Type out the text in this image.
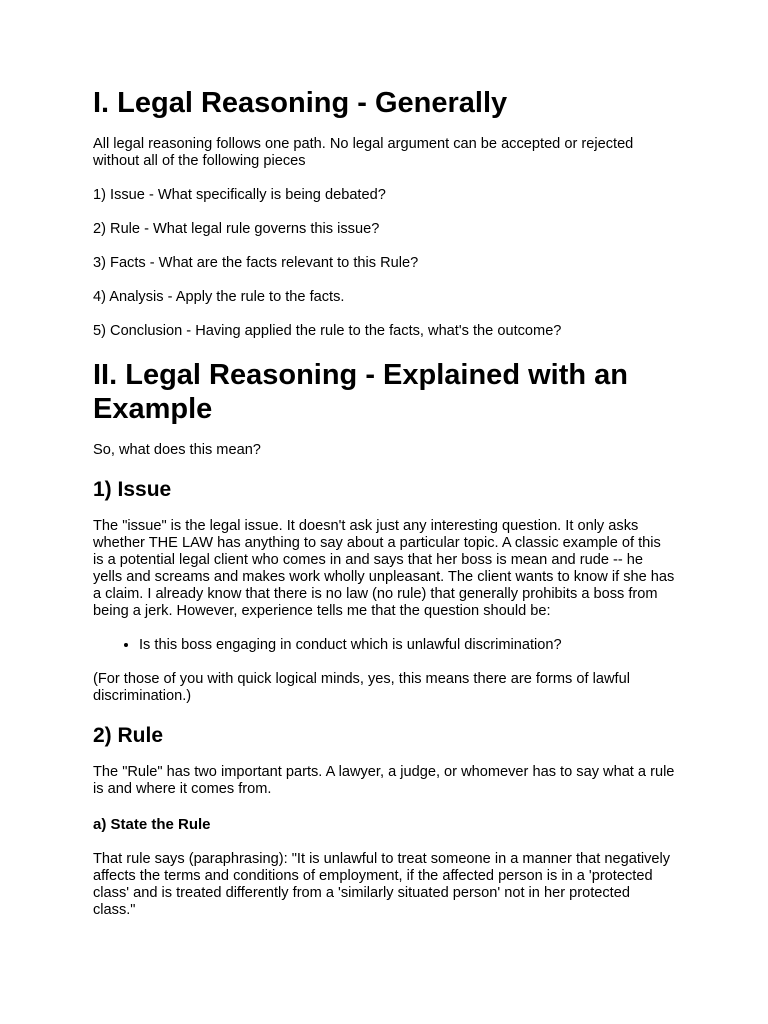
I. Legal Reasoning - Generally

All legal reasoning follows one path. No legal argument can be accepted or rejected without all of the following pieces

1) Issue - What specifically is being debated?

2) Rule - What legal rule governs this issue?

3) Facts - What are the facts relevant to this Rule?

4) Analysis - Apply the rule to the facts.

5) Conclusion - Having applied the rule to the facts, what's the outcome?

II. Legal Reasoning - Explained with an Example

So, what does this mean?

1) Issue

The "issue" is the legal issue. It doesn't ask just any interesting question. It only asks whether THE LAW has anything to say about a particular topic. A classic example of this is a potential legal client who comes in and says that her boss is mean and rude -- he yells and screams and makes work wholly unpleasant. The client wants to know if she has a claim. I already know that there is no law (no rule) that generally prohibits a boss from being a jerk. However, experience tells me that the question should be:

• Is this boss engaging in conduct which is unlawful discrimination?

(For those of you with quick logical minds, yes, this means there are forms of lawful discrimination.)

2) Rule

The "Rule" has two important parts. A lawyer, a judge, or whomever has to say what a rule is and where it comes from.

a) State the Rule

That rule says (paraphrasing): "It is unlawful to treat someone in a manner that negatively affects the terms and conditions of employment, if the affected person is in a 'protected class' and is treated differently from a 'similarly situated person' not in her protected class."
